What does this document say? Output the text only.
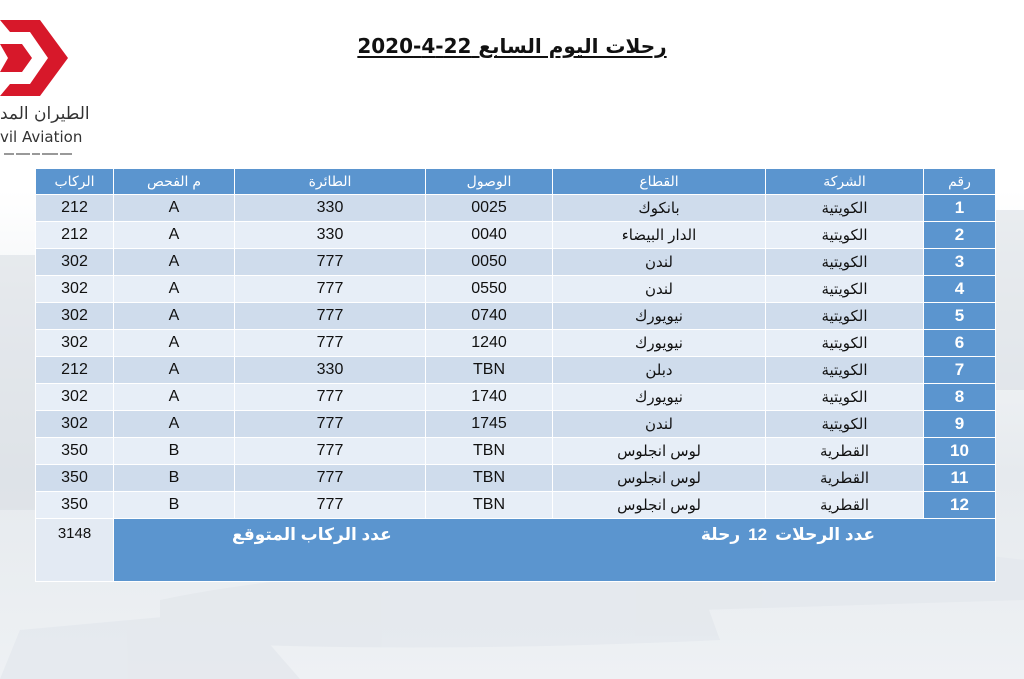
الطيران المد
vil Aviation
رحلات اليوم السابع 22-4-2020
رقم	الشركة	القطاع	الوصول	الطائرة	م الفحص	الركاب
1	الكويتية	بانكوك	0025	330	A	212
2	الكويتية	الدار البيضاء	0040	330	A	212
3	الكويتية	لندن	0050	777	A	302
4	الكويتية	لندن	0550	777	A	302
5	الكويتية	نيويورك	0740	777	A	302
6	الكويتية	نيويورك	1240	777	A	302
7	الكويتية	دبلن	TBN	330	A	212
8	الكويتية	نيويورك	1740	777	A	302
9	الكويتية	لندن	1745	777	A	302
10	القطرية	لوس انجلوس	TBN	777	B	350
11	القطرية	لوس انجلوس	TBN	777	B	350
12	القطرية	لوس انجلوس	TBN	777	B	350

عدد الرحلات12رحلة
عدد الركاب المتوقع						3148
